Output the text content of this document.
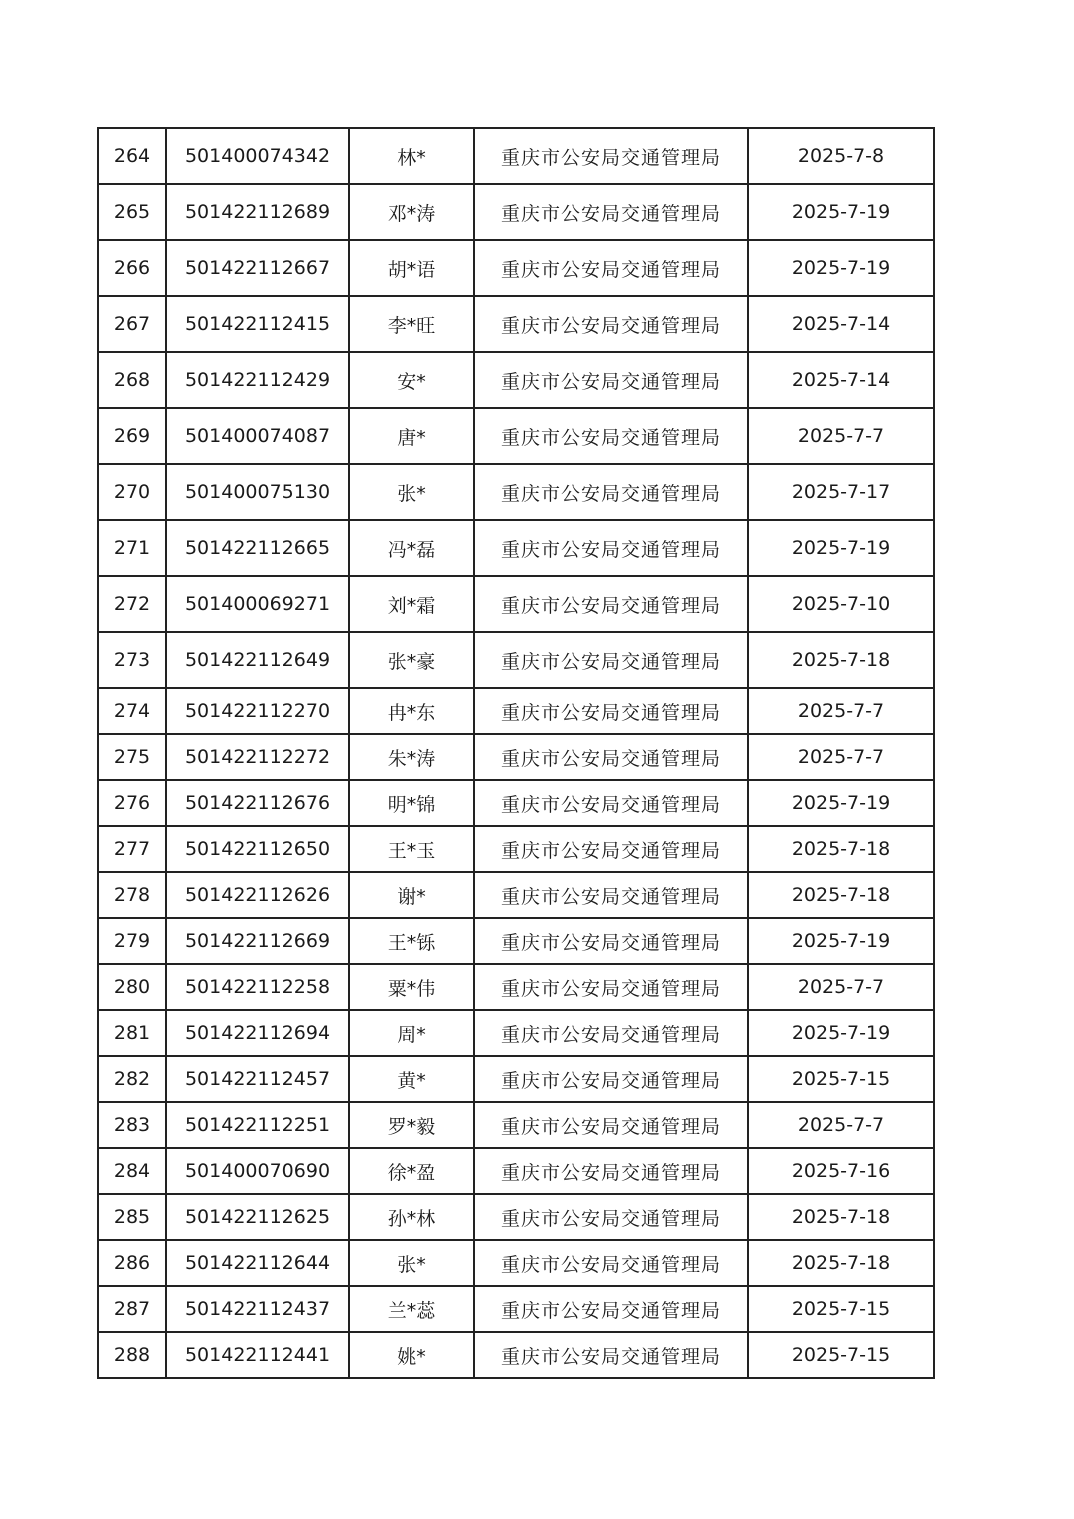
264	501400074342	林*	重庆市公安局交通管理局	2025-7-8
265	501422112689	邓*涛	重庆市公安局交通管理局	2025-7-19
266	501422112667	胡*语	重庆市公安局交通管理局	2025-7-19
267	501422112415	李*旺	重庆市公安局交通管理局	2025-7-14
268	501422112429	安*	重庆市公安局交通管理局	2025-7-14
269	501400074087	唐*	重庆市公安局交通管理局	2025-7-7
270	501400075130	张*	重庆市公安局交通管理局	2025-7-17
271	501422112665	冯*磊	重庆市公安局交通管理局	2025-7-19
272	501400069271	刘*霜	重庆市公安局交通管理局	2025-7-10
273	501422112649	张*豪	重庆市公安局交通管理局	2025-7-18
274	501422112270	冉*东	重庆市公安局交通管理局	2025-7-7
275	501422112272	朱*涛	重庆市公安局交通管理局	2025-7-7
276	501422112676	明*锦	重庆市公安局交通管理局	2025-7-19
277	501422112650	王*玉	重庆市公安局交通管理局	2025-7-18
278	501422112626	谢*	重庆市公安局交通管理局	2025-7-18
279	501422112669	王*铄	重庆市公安局交通管理局	2025-7-19
280	501422112258	粟*伟	重庆市公安局交通管理局	2025-7-7
281	501422112694	周*	重庆市公安局交通管理局	2025-7-19
282	501422112457	黄*	重庆市公安局交通管理局	2025-7-15
283	501422112251	罗*毅	重庆市公安局交通管理局	2025-7-7
284	501400070690	徐*盈	重庆市公安局交通管理局	2025-7-16
285	501422112625	孙*林	重庆市公安局交通管理局	2025-7-18
286	501422112644	张*	重庆市公安局交通管理局	2025-7-18
287	501422112437	兰*蕊	重庆市公安局交通管理局	2025-7-15
288	501422112441	姚*	重庆市公安局交通管理局	2025-7-15
